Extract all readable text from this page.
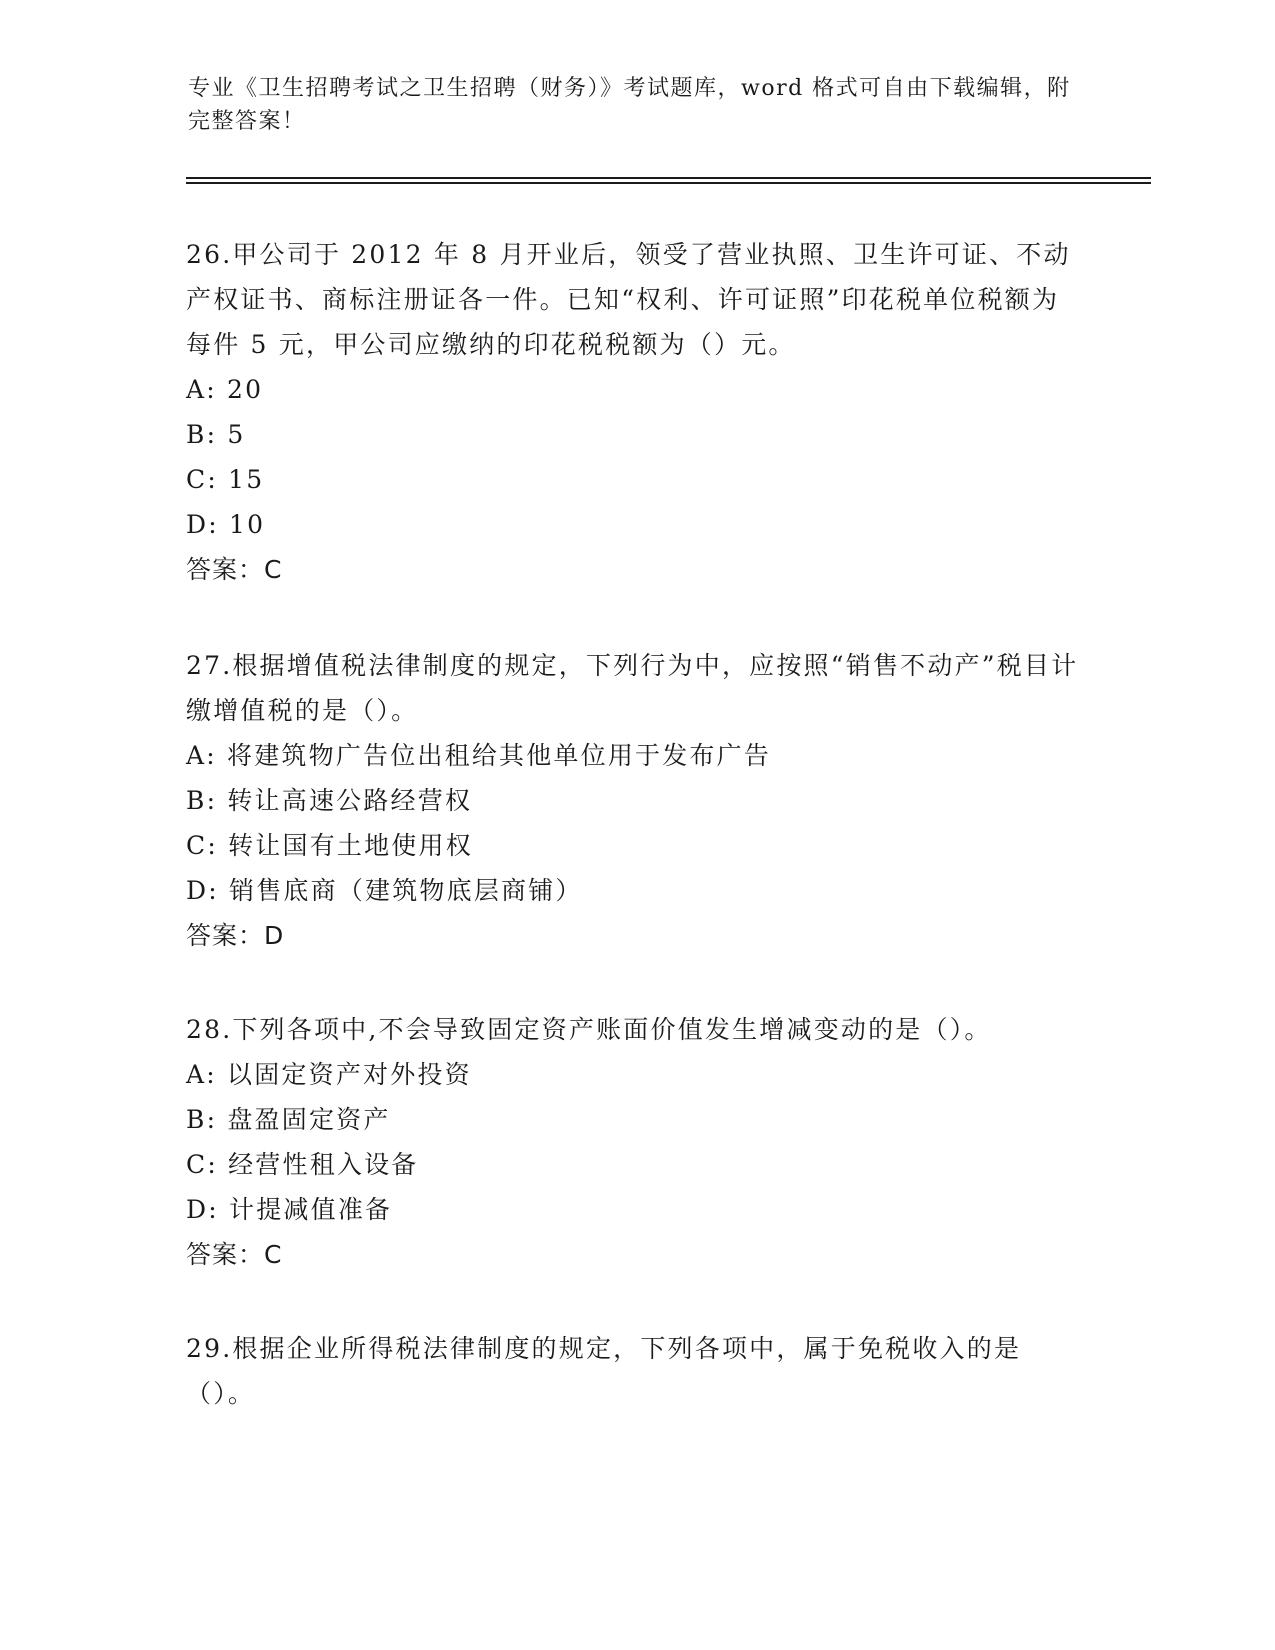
专业《卫生招聘考试之卫生招聘（财务）》考试题库，word 格式可自由下载编辑，附完整答案！

26.甲公司于 2012 年 8 月开业后，领受了营业执照、卫生许可证、不动产权证书、商标注册证各一件。已知“权利、许可证照”印花税单位税额为每件 5 元，甲公司应缴纳的印花税税额为（）元。

A: 20
B: 5
C: 15
D: 10

答案：C

27.根据增值税法律制度的规定，下列行为中，应按照“销售不动产”税目计缴增值税的是（）。

A: 将建筑物广告位出租给其他单位用于发布广告
B: 转让高速公路经营权
C: 转让国有土地使用权
D: 销售底商（建筑物底层商铺）

答案：D

28.下列各项中,不会导致固定资产账面价值发生增减变动的是（）。

A: 以固定资产对外投资
B: 盘盈固定资产
C: 经营性租入设备
D: 计提减值准备

答案：C

29.根据企业所得税法律制度的规定，下列各项中，属于免税收入的是（）。
